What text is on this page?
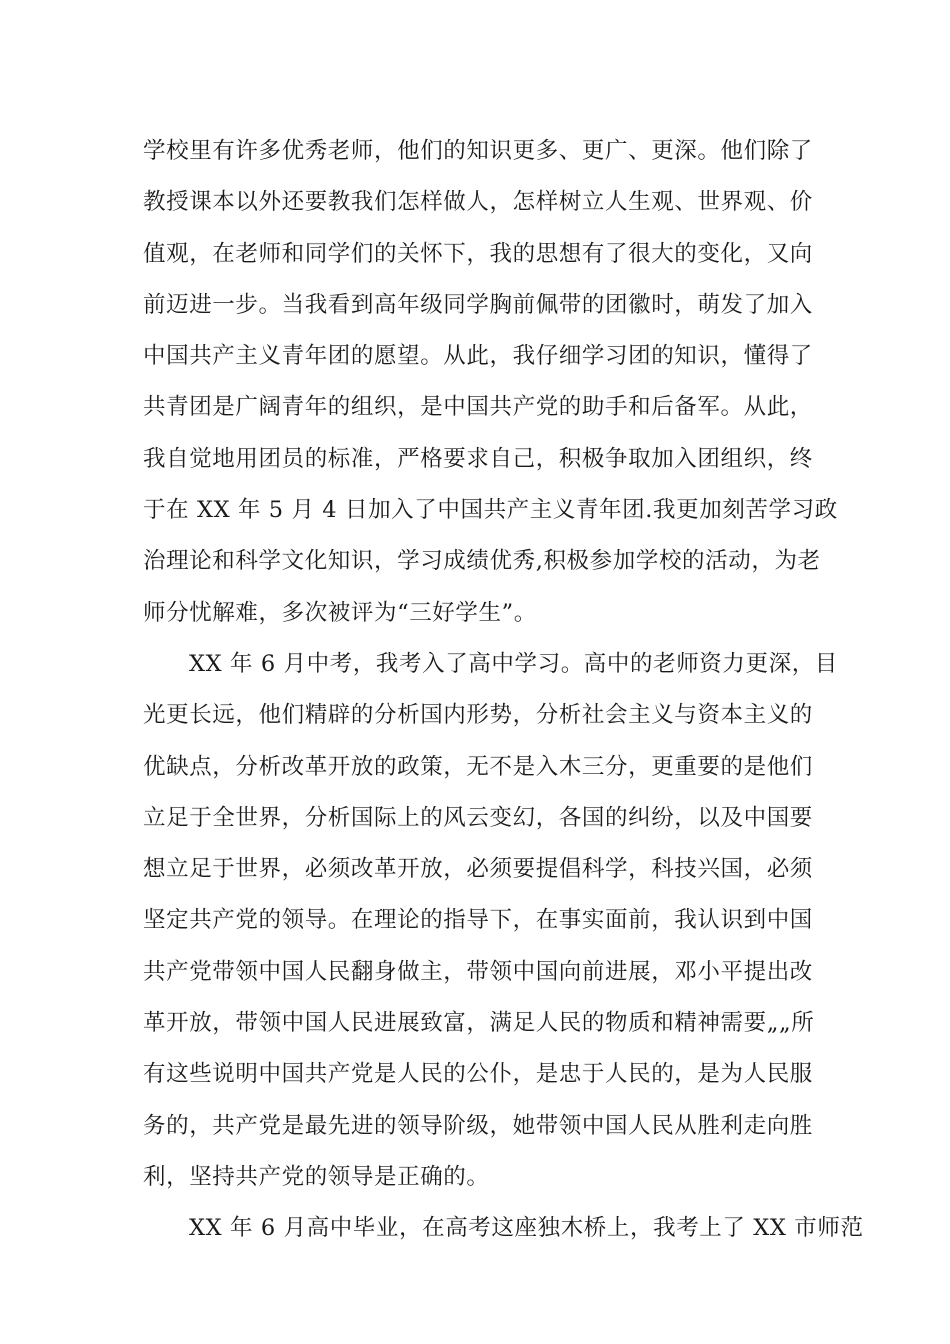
学校里有许多优秀老师，他们的知识更多、更广、更深。他们除了
教授课本以外还要教我们怎样做人，怎样树立人生观、世界观、价
值观，在老师和同学们的关怀下，我的思想有了很大的变化，又向
前迈进一步。当我看到高年级同学胸前佩带的团徽时，萌发了加入
中国共产主义青年团的愿望。从此，我仔细学习团的知识，懂得了
共青团是广阔青年的组织，是中国共产党的助手和后备军。从此，
我自觉地用团员的标准，严格要求自己，积极争取加入团组织，终
于在 XX 年 5 月 4 日加入了中国共产主义青年团.我更加刻苦学习政
治理论和科学文化知识，学习成绩优秀,积极参加学校的活动，为老
师分忧解难，多次被评为“三好学生”。
XX 年 6 月中考，我考入了高中学习。高中的老师资力更深，目
光更长远，他们精辟的分析国内形势，分析社会主义与资本主义的
优缺点，分析改革开放的政策，无不是入木三分，更重要的是他们
立足于全世界，分析国际上的风云变幻，各国的纠纷，以及中国要
想立足于世界，必须改革开放，必须要提倡科学，科技兴国，必须
坚定共产党的领导。在理论的指导下，在事实面前，我认识到中国
共产党带领中国人民翻身做主，带领中国向前进展，邓小平提出改
革开放，带领中国人民进展致富，满足人民的物质和精神需要„„所
有这些说明中国共产党是人民的公仆，是忠于人民的，是为人民服
务的，共产党是最先进的领导阶级，她带领中国人民从胜利走向胜
利，坚持共产党的领导是正确的。
XX 年 6 月高中毕业，在高考这座独木桥上，我考上了 XX 市师范
